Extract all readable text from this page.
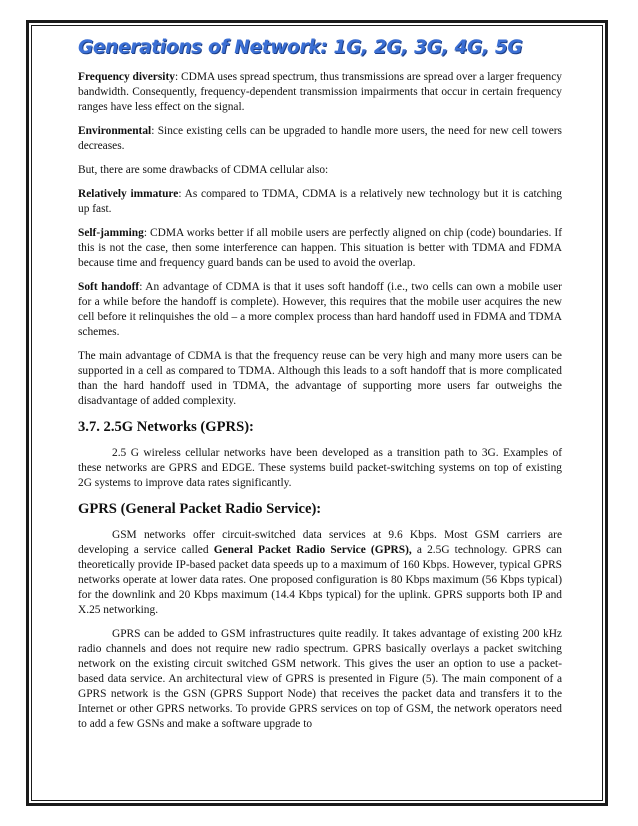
Generations of Network: 1G, 2G, 3G, 4G, 5G

Frequency diversity: CDMA uses spread spectrum, thus transmissions are spread over a larger frequency bandwidth. Consequently, frequency-dependent transmission impairments that occur in certain frequency ranges have less effect on the signal.

Environmental: Since existing cells can be upgraded to handle more users, the need for new cell towers decreases.

But, there are some drawbacks of CDMA cellular also:

Relatively immature: As compared to TDMA, CDMA is a relatively new technology but it is catching up fast.

Self-jamming: CDMA works better if all mobile users are perfectly aligned on chip (code) boundaries. If this is not the case, then some interference can happen. This situation is better with TDMA and FDMA because time and frequency guard bands can be used to avoid the overlap.

Soft handoff: An advantage of CDMA is that it uses soft handoff (i.e., two cells can own a mobile user for a while before the handoff is complete). However, this requires that the mobile user acquires the new cell before it relinquishes the old – a more complex process than hard handoff used in FDMA and TDMA schemes.

The main advantage of CDMA is that the frequency reuse can be very high and many more users can be supported in a cell as compared to TDMA. Although this leads to a soft handoff that is more complicated than the hard handoff used in TDMA, the advantage of supporting more users far outweighs the disadvantage of added complexity.

3.7. 2.5G Networks (GPRS):

2.5 G wireless cellular networks have been developed as a transition path to 3G. Examples of these networks are GPRS and EDGE. These systems build packet-switching systems on top of existing 2G systems to improve data rates significantly.

GPRS (General Packet Radio Service):

GSM networks offer circuit-switched data services at 9.6 Kbps. Most GSM carriers are developing a service called General Packet Radio Service (GPRS), a 2.5G technology. GPRS can theoretically provide IP-based packet data speeds up to a maximum of 160 Kbps. However, typical GPRS networks operate at lower data rates. One proposed configuration is 80 Kbps maximum (56 Kbps typical) for the downlink and 20 Kbps maximum (14.4 Kbps typical) for the uplink. GPRS supports both IP and X.25 networking.

GPRS can be added to GSM infrastructures quite readily. It takes advantage of existing 200 kHz radio channels and does not require new radio spectrum. GPRS basically overlays a packet switching network on the existing circuit switched GSM network. This gives the user an option to use a packet-based data service. An architectural view of GPRS is presented in Figure (5). The main component of a GPRS network is the GSN (GPRS Support Node) that receives the packet data and transfers it to the Internet or other GPRS networks. To provide GPRS services on top of GSM, the network operators need to add a few GSNs and make a software upgrade to
